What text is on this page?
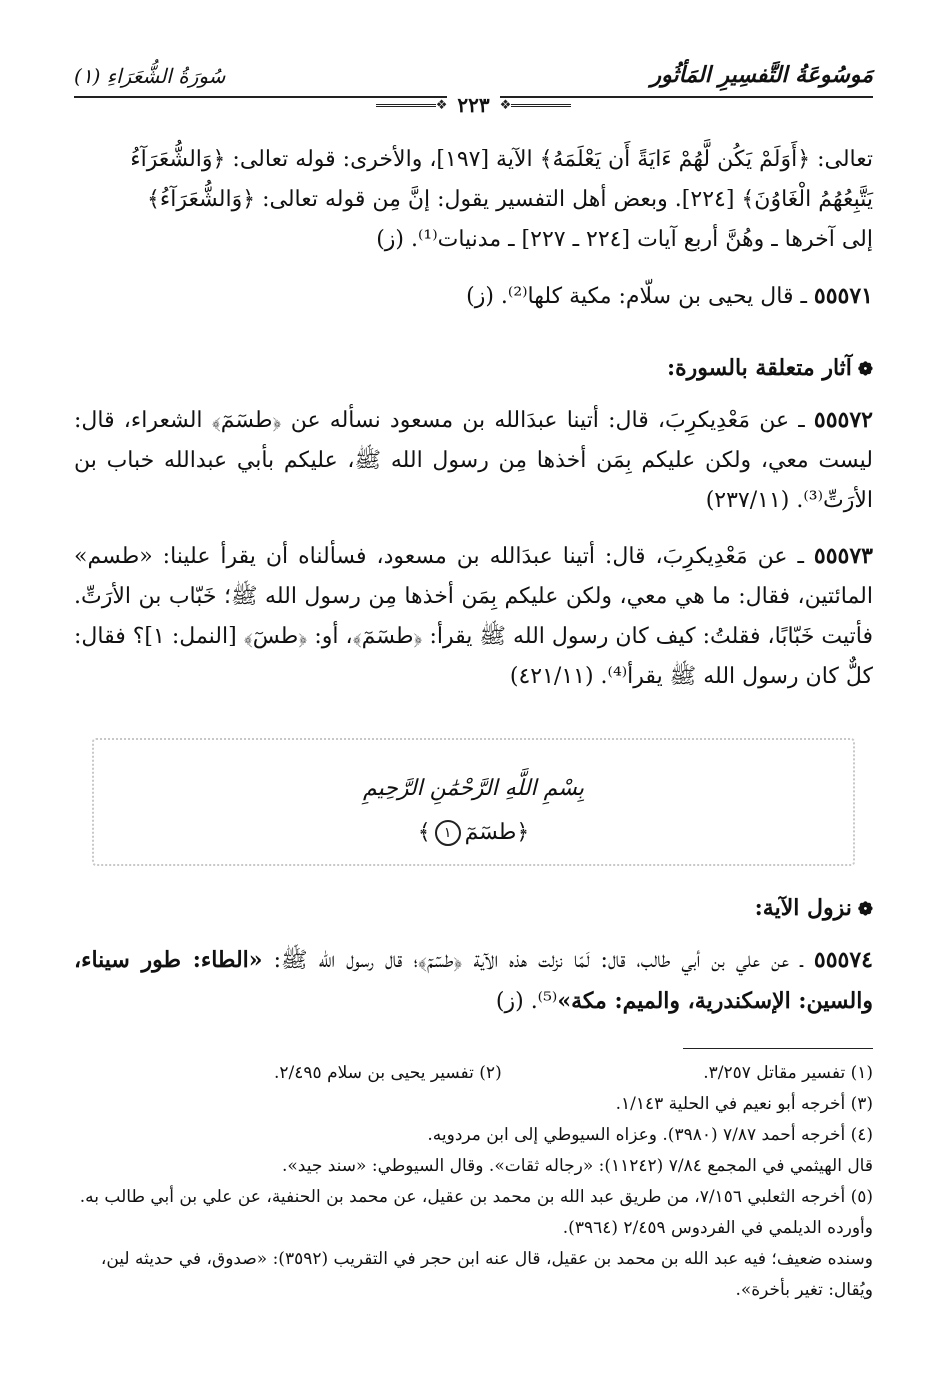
مَوسُوعَةُ التَّفسِيرِ المَأثُور
سُورَةُ الشُّعَرَاءِ (١)
❖
٢٢٣
❖

تعالى: ﴿أَوَلَمْ يَكُن لَّهُمْ ءَايَةً أَن يَعْلَمَهُ﴾ الآية [١٩٧]، والأخرى: قوله تعالى: ﴿وَالشُّعَرَآءُ

يَتَّبِعُهُمُ الْغَاوُنَ﴾ [٢٢٤]. وبعض أهل التفسير يقول: إنَّ مِن قوله تعالى: ﴿وَالشُّعَرَآءُ﴾

إلى آخرها ـ وهُنَّ أربع آيات [٢٢٤ ـ ٢٢٧] ـ مدنيات⁽¹⁾. (ز)

٥٥٥٧١ ـ قال يحيى بن سلّام: مكية كلها⁽²⁾. (ز)

❁آثار متعلقة بالسورة:

٥٥٥٧٢ ـ عن مَعْدِيكرِبَ، قال: أتينا عبدَالله بن مسعود نسأله عن ﴿طسٓمٓ﴾ الشعراء، قال: ليست معي، ولكن عليكم بِمَن أخذها مِن رسول الله ﷺ، عليكم بأبي عبدالله خباب بن الأرَتِّ⁽³⁾. (٢٣٧/١١)

٥٥٥٧٣ ـ عن مَعْدِيكرِبَ، قال: أتينا عبدَالله بن مسعود، فسألناه أن يقرأ علينا: «طسم» المائتين، فقال: ما هي معي، ولكن عليكم بِمَن أخذها مِن رسول الله ﷺ؛ خَبّاب بن الأرَتِّ. فأتيت خَبّابًا، فقلتُ: كيف كان رسول الله ﷺ يقرأ: ﴿طسٓمٓ﴾، أو: ﴿طسٓ﴾ [النمل: ١]؟ فقال: كلٌّ كان رسول الله ﷺ يقرأ⁽⁴⁾. (٤٢١/١١)

بِسْمِ اللَّهِ الرَّحْمَٰنِ الرَّحِيمِ
﴿طسٓمٓ١﴾

❁نزول الآية:

٥٥٥٧٤ ـ عن علي بن أبي طالب، قال: لَمّا نزلت هذه الآية ﴿طسٓمٓ﴾؛ قال رسول الله ﷺ: «الطاء: طور سيناء، والسين: الإسكندرية، والميم: مكة»⁽⁵⁾. (ز)

(١) تفسير مقاتل ٣/٢٥٧.
(٢) تفسير يحيى بن سلام ٢/٤٩٥.

(٣) أخرجه أبو نعيم في الحلية ١/١٤٣.

(٤) أخرجه أحمد ٧/٨٧ (٣٩٨٠). وعزاه السيوطي إلى ابن مردويه.

قال الهيثمي في المجمع ٧/٨٤ (١١٢٤٢): «رجاله ثقات». وقال السيوطي: «سند جيد».

(٥) أخرجه الثعلبي ٧/١٥٦، من طريق عبد الله بن محمد بن عقيل، عن محمد بن الحنفية، عن علي بن أبي طالب به. وأورده الديلمي في الفردوس ٢/٤٥٩ (٣٩٦٤).

وسنده ضعيف؛ فيه عبد الله بن محمد بن عقيل، قال عنه ابن حجر في التقريب (٣٥٩٢): «صدوق، في حديثه لين، ويُقال: تغير بأخرة».
